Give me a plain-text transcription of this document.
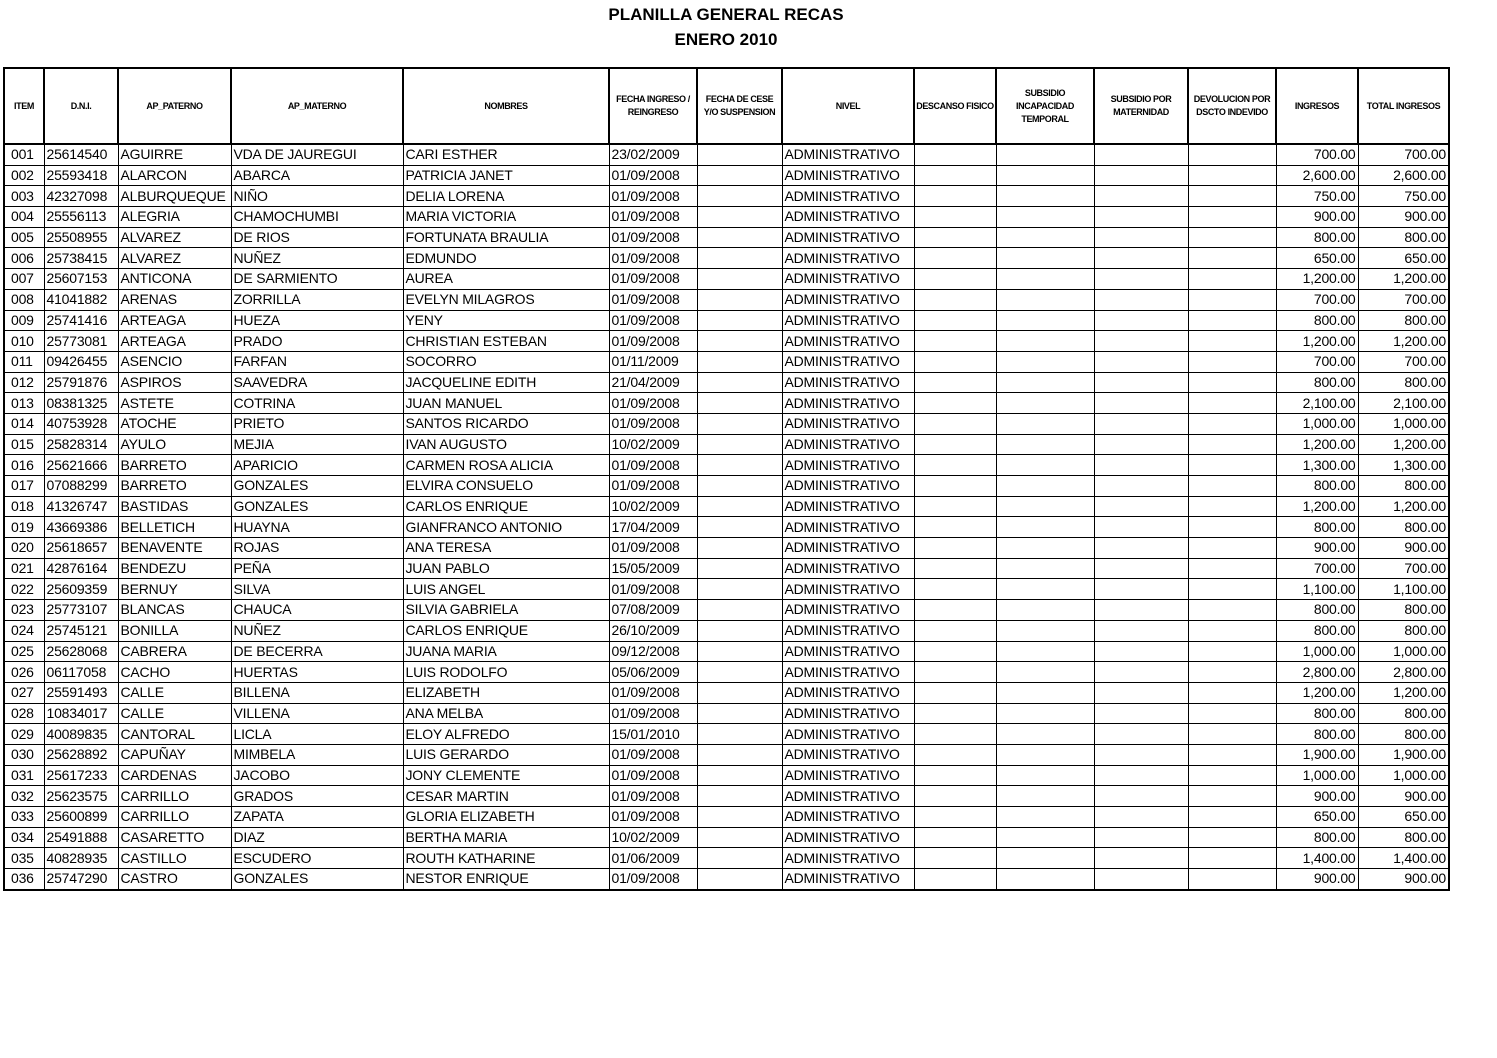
PLANILLA GENERAL RECAS
ENERO 2010
ITEM	D.N.I.	AP_PATERNO	AP_MATERNO	NOMBRES	FECHA INGRESO / REINGRESO	FECHA DE CESE Y/O SUSPENSION	NIVEL	DESCANSO FISICO	SUBSIDIO INCAPACIDAD TEMPORAL	SUBSIDIO POR MATERNIDAD	DEVOLUCION POR DSCTO INDEVIDO	INGRESOS	TOTAL INGRESOS
001	25614540	AGUIRRE	VDA DE JAUREGUI	CARI ESTHER	23/02/2009		ADMINISTRATIVO					700.00	700.00
002	25593418	ALARCON	ABARCA	PATRICIA JANET	01/09/2008		ADMINISTRATIVO					2,600.00	2,600.00
003	42327098	ALBURQUEQUE	NIÑO	DELIA LORENA	01/09/2008		ADMINISTRATIVO					750.00	750.00
004	25556113	ALEGRIA	CHAMOCHUMBI	MARIA VICTORIA	01/09/2008		ADMINISTRATIVO					900.00	900.00
005	25508955	ALVAREZ	DE RIOS	FORTUNATA BRAULIA	01/09/2008		ADMINISTRATIVO					800.00	800.00
006	25738415	ALVAREZ	NUÑEZ	EDMUNDO	01/09/2008		ADMINISTRATIVO					650.00	650.00
007	25607153	ANTICONA	DE SARMIENTO	AUREA	01/09/2008		ADMINISTRATIVO					1,200.00	1,200.00
008	41041882	ARENAS	ZORRILLA	EVELYN MILAGROS	01/09/2008		ADMINISTRATIVO					700.00	700.00
009	25741416	ARTEAGA	HUEZA	YENY	01/09/2008		ADMINISTRATIVO					800.00	800.00
010	25773081	ARTEAGA	PRADO	CHRISTIAN ESTEBAN	01/09/2008		ADMINISTRATIVO					1,200.00	1,200.00
011	09426455	ASENCIO	FARFAN	SOCORRO	01/11/2009		ADMINISTRATIVO					700.00	700.00
012	25791876	ASPIROS	SAAVEDRA	JACQUELINE EDITH	21/04/2009		ADMINISTRATIVO					800.00	800.00
013	08381325	ASTETE	COTRINA	JUAN MANUEL	01/09/2008		ADMINISTRATIVO					2,100.00	2,100.00
014	40753928	ATOCHE	PRIETO	SANTOS RICARDO	01/09/2008		ADMINISTRATIVO					1,000.00	1,000.00
015	25828314	AYULO	MEJIA	IVAN AUGUSTO	10/02/2009		ADMINISTRATIVO					1,200.00	1,200.00
016	25621666	BARRETO	APARICIO	CARMEN ROSA ALICIA	01/09/2008		ADMINISTRATIVO					1,300.00	1,300.00
017	07088299	BARRETO	GONZALES	ELVIRA CONSUELO	01/09/2008		ADMINISTRATIVO					800.00	800.00
018	41326747	BASTIDAS	GONZALES	CARLOS ENRIQUE	10/02/2009		ADMINISTRATIVO					1,200.00	1,200.00
019	43669386	BELLETICH	HUAYNA	GIANFRANCO ANTONIO	17/04/2009		ADMINISTRATIVO					800.00	800.00
020	25618657	BENAVENTE	ROJAS	ANA TERESA	01/09/2008		ADMINISTRATIVO					900.00	900.00
021	42876164	BENDEZU	PEÑA	JUAN PABLO	15/05/2009		ADMINISTRATIVO					700.00	700.00
022	25609359	BERNUY	SILVA	LUIS ANGEL	01/09/2008		ADMINISTRATIVO					1,100.00	1,100.00
023	25773107	BLANCAS	CHAUCA	SILVIA GABRIELA	07/08/2009		ADMINISTRATIVO					800.00	800.00
024	25745121	BONILLA	NUÑEZ	CARLOS ENRIQUE	26/10/2009		ADMINISTRATIVO					800.00	800.00
025	25628068	CABRERA	DE BECERRA	JUANA MARIA	09/12/2008		ADMINISTRATIVO					1,000.00	1,000.00
026	06117058	CACHO	HUERTAS	LUIS RODOLFO	05/06/2009		ADMINISTRATIVO					2,800.00	2,800.00
027	25591493	CALLE	BILLENA	ELIZABETH	01/09/2008		ADMINISTRATIVO					1,200.00	1,200.00
028	10834017	CALLE	VILLENA	ANA MELBA	01/09/2008		ADMINISTRATIVO					800.00	800.00
029	40089835	CANTORAL	LICLA	ELOY ALFREDO	15/01/2010		ADMINISTRATIVO					800.00	800.00
030	25628892	CAPUÑAY	MIMBELA	LUIS GERARDO	01/09/2008		ADMINISTRATIVO					1,900.00	1,900.00
031	25617233	CARDENAS	JACOBO	JONY CLEMENTE	01/09/2008		ADMINISTRATIVO					1,000.00	1,000.00
032	25623575	CARRILLO	GRADOS	CESAR MARTIN	01/09/2008		ADMINISTRATIVO					900.00	900.00
033	25600899	CARRILLO	ZAPATA	GLORIA ELIZABETH	01/09/2008		ADMINISTRATIVO					650.00	650.00
034	25491888	CASARETTO	DIAZ	BERTHA MARIA	10/02/2009		ADMINISTRATIVO					800.00	800.00
035	40828935	CASTILLO	ESCUDERO	ROUTH KATHARINE	01/06/2009		ADMINISTRATIVO					1,400.00	1,400.00
036	25747290	CASTRO	GONZALES	NESTOR ENRIQUE	01/09/2008		ADMINISTRATIVO					900.00	900.00
